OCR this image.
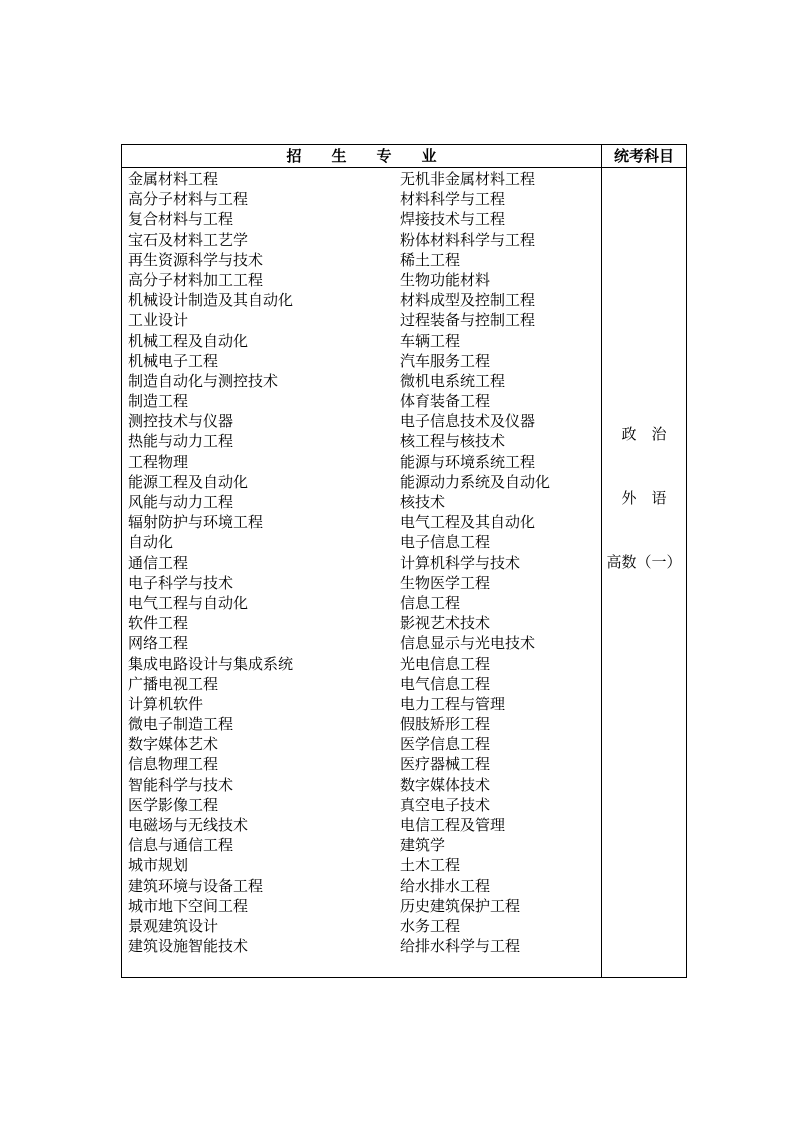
招　　生　　专　　业	统考科目
金属材料工程
高分子材料与工程
复合材料与工程
宝石及材料工艺学
再生资源科学与技术
高分子材料加工工程
机械设计制造及其自动化
工业设计
机械工程及自动化
机械电子工程
制造自动化与测控技术
制造工程
测控技术与仪器
热能与动力工程
工程物理
能源工程及自动化
风能与动力工程
辐射防护与环境工程
自动化
通信工程
电子科学与技术
电气工程与自动化
软件工程
网络工程
集成电路设计与集成系统
广播电视工程
计算机软件
微电子制造工程
数字媒体艺术
信息物理工程
智能科学与技术
医学影像工程
电磁场与无线技术
信息与通信工程
城市规划
建筑环境与设备工程
城市地下空间工程
景观建筑设计
建筑设施智能技术
无机非金属材料工程
材料科学与工程
焊接技术与工程
粉体材料科学与工程
稀土工程
生物功能材料
材料成型及控制工程
过程装备与控制工程
车辆工程
汽车服务工程
微机电系统工程
体育装备工程
电子信息技术及仪器
核工程与核技术
能源与环境系统工程
能源动力系统及自动化
核技术
电气工程及其自动化
电子信息工程
计算机科学与技术
生物医学工程
信息工程
影视艺术技术
信息显示与光电技术
光电信息工程
电气信息工程
电力工程与管理
假肢矫形工程
医学信息工程
医疗器械工程
数字媒体技术
真空电子技术
电信工程及管理
建筑学
土木工程
给水排水工程
历史建筑保护工程
水务工程
给排水科学与工程
政　治
外　语
高数（一）
